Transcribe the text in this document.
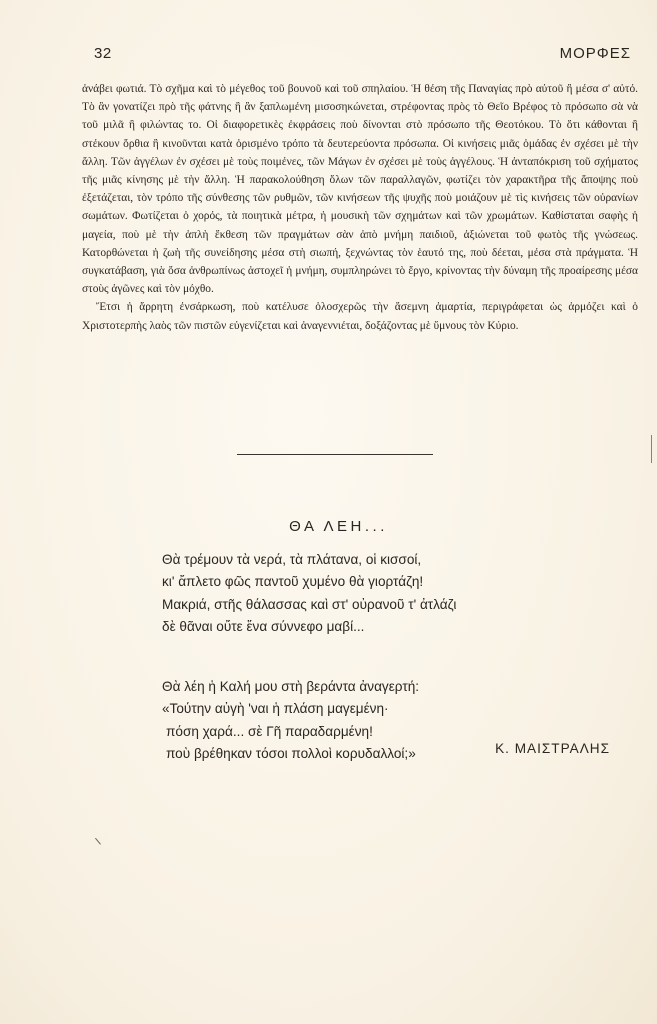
32	ΜΟΡΦΕΣ

ἀνάβει φωτιά. Τὸ σχῆμα καὶ τὸ μέγεθος τοῦ βουνοῦ καὶ τοῦ σπηλαίου. Ἡ θέση τῆς Παναγίας πρὸ αὐτοῦ ἢ μέσα σ' αὐτό. Τὸ ἂν γονατίζει πρὸ τῆς φάτνης ἢ ἂν ξαπλωμένη μισοσηκώνεται, στρέφοντας πρὸς τὸ Θεῖο Βρέφος τὸ πρόσωπο σὰ νὰ τοῦ μιλᾶ ἢ φιλώντας το. Οἱ διαφορετικὲς ἐκφράσεις ποὺ δίνονται στὸ πρόσωπο τῆς Θεοτόκου. Τὸ ὅτι κάθονται ἢ στέκουν ὄρθια ἢ κινοῦνται κατὰ ὁρισμένο τρόπο τὰ δευτερεύοντα πρόσωπα. Οἱ κινήσεις μιᾶς ὁμάδας ἐν σχέσει μὲ τὴν ἄλλη. Τῶν ἀγγέλων ἐν σχέσει μὲ τοὺς ποιμένες, τῶν Μάγων ἐν σχέσει μὲ τοὺς ἀγγέλους. Ἡ ἀνταπόκριση τοῦ σχήματος τῆς μιᾶς κίνησης μὲ τὴν ἄλλη. Ἡ παρακολούθηση ὅλων τῶν παραλλαγῶν, φωτίζει τὸν χαρακτῆρα τῆς ἄποψης ποὺ ἐξετάζεται, τὸν τρόπο τῆς σύνθεσης τῶν ρυθμῶν, τῶν κινήσεων τῆς ψυχῆς ποὺ μοιάζουν μὲ τὶς κινήσεις τῶν οὐρανίων σωμάτων. Φωτίζεται ὁ χορός, τὰ ποιητικὰ μέτρα, ἡ μουσικὴ τῶν σχημάτων καὶ τῶν χρωμάτων. Καθίσταται σαφὴς ἡ μαγεία, ποὺ μὲ τὴν ἁπλὴ ἔκθεση τῶν πραγμάτων σὰν ἀπὸ μνήμη παιδιοῦ, ἀξιώνεται τοῦ φωτὸς τῆς γνώσεως. Κατορθώνεται ἡ ζωὴ τῆς συνείδησης μέσα στὴ σιωπή, ξεχνώντας τὸν ἑαυτό της, ποὺ δέεται, μέσα στὰ πράγματα. Ἡ συγκατάβαση, γιὰ ὅσα ἀνθρωπίνως ἀστοχεῖ ἡ μνήμη, συμπληρώνει τὸ ἔργο, κρίνοντας τὴν δύναμη τῆς προαίρεσης μέσα στοὺς ἀγῶνες καὶ τὸν μόχθο.

Ἔτσι ἡ ἄρρητη ἐνσάρκωση, ποὺ κατέλυσε ὁλοσχερῶς τὴν ἄσεμνη ἁμαρτία, περιγράφεται ὡς ἁρμόζει καὶ ὁ Χριστοτερπὴς λαὸς τῶν πιστῶν εὐγενίζεται καὶ ἀναγεννιέται, δοξάζοντας μὲ ὕμνους τὸν Κύριο.

ΘΑ ΛΕΗ...
Θὰ τρέμουν τὰ νερά, τὰ πλάτανα, οἱ κισσοί,
κι' ἄπλετο φῶς παντοῦ χυμένο θὰ γιορτάζη!
Μακριά, στῆς θάλασσας καὶ στ' οὐρανοῦ τ' ἀτλάζι
δὲ θᾶναι οὔτε ἕνα σύννεφο μαβί...
Θὰ λέη ἡ Καλή μου στὴ βεράντα ἀναγερτή:
«Τούτην αὐγὴ 'ναι ἡ πλάση μαγεμένη·
πόση χαρά... σὲ Γῆ παραδαρμένη!
ποὺ βρέθηκαν τόσοι πολλοὶ κορυδαλλοί;»	Κ. ΜΑΙΣΤΡΑΛΗΣ
